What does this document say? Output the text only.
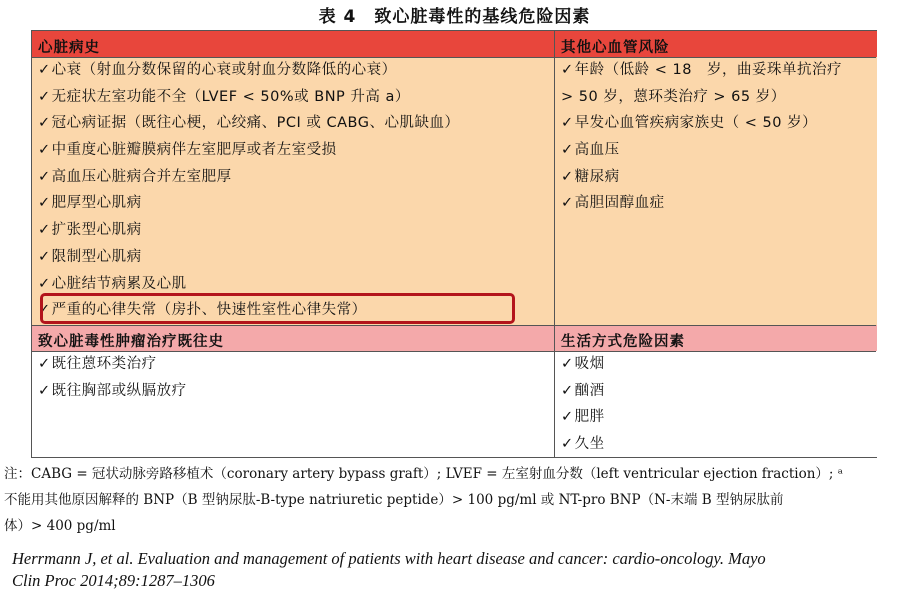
表 4　致心脏毒性的基线危险因素
心脏病史	其他心血管风险
✓心衰（射血分数保留的心衰或射血分数降低的心衰）
✓无症状左室功能不全（LVEF < 50%或 BNP 升高 a）
✓冠心病证据（既往心梗，心绞痛、PCI 或 CABG、心肌缺血）
✓中重度心脏瓣膜病伴左室肥厚或者左室受损
✓高血压心脏病合并左室肥厚
✓肥厚型心肌病
✓扩张型心肌病
✓限制型心肌病
✓心脏结节病累及心肌
✓严重的心律失常（房扑、快速性室性心律失常）
✓年龄（低龄 < 18　岁，曲妥珠单抗治疗
> 50 岁，蒽环类治疗 > 65 岁）
✓早发心血管疾病家族史（ < 50 岁）
✓高血压
✓糖尿病
✓高胆固醇血症
致心脏毒性肿瘤治疗既往史	生活方式危险因素
✓既往蒽环类治疗
✓既往胸部或纵膈放疗
✓吸烟
✓酗酒
✓肥胖
✓久坐
注：CABG = 冠状动脉旁路移植术（coronary artery bypass graft）; LVEF = 左室射血分数（left ventricular ejection fraction）; ᵃ
不能用其他原因解释的 BNP（B 型钠尿肽-B-type natriuretic peptide）> 100 pg/ml 或 NT-pro BNP（N-末端 B 型钠尿肽前
体）> 400 pg/ml
Herrmann J, et al. Evaluation and management of patients with heart disease and cancer: cardio-oncology. Mayo
Clin Proc 2014;89:1287–1306
